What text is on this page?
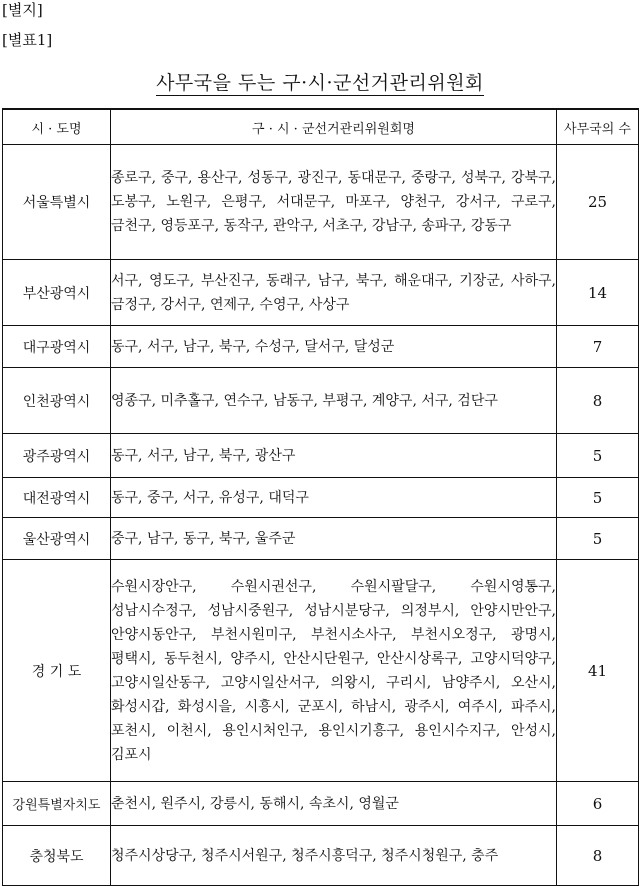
[별지]
[별표1]
사무국을 두는 구·시·군선거관리위원회
시 · 도명	구 · 시 · 군선거관리위원회명	사무국의 수
서울특별시	종로구, 중구, 용산구, 성동구, 광진구, 동대문구, 중랑구, 성북구, 강북구, 도봉구, 노원구, 은평구, 서대문구, 마포구, 양천구, 강서구, 구로구, 금천구, 영등포구, 동작구, 관악구, 서초구, 강남구, 송파구, 강동구	25
부산광역시	서구, 영도구, 부산진구, 동래구, 남구, 북구, 해운대구, 기장군, 사하구, 금정구, 강서구, 연제구, 수영구, 사상구	14
대구광역시	동구, 서구, 남구, 북구, 수성구, 달서구, 달성군	7
인천광역시	영종구, 미추홀구, 연수구, 남동구, 부평구, 계양구, 서구, 검단구	8
광주광역시	동구, 서구, 남구, 북구, 광산구	5
대전광역시	동구, 중구, 서구, 유성구, 대덕구	5
울산광역시	중구, 남구, 동구, 북구, 울주군	5
경 기 도	수원시장안구, 수원시권선구, 수원시팔달구, 수원시영통구, 성남시수정구, 성남시중원구, 성남시분당구, 의정부시, 안양시만안구, 안양시동안구, 부천시원미구, 부천시소사구, 부천시오정구, 광명시, 평택시, 동두천시, 양주시, 안산시단원구, 안산시상록구, 고양시덕양구, 고양시일산동구, 고양시일산서구, 의왕시, 구리시, 남양주시, 오산시, 화성시갑, 화성시을, 시흥시, 군포시, 하남시, 광주시, 여주시, 파주시, 포천시, 이천시, 용인시처인구, 용인시기흥구, 용인시수지구, 안성시, 김포시	41
강원특별자치도	춘천시, 원주시, 강릉시, 동해시, 속초시, 영월군	6
충청북도	청주시상당구, 청주시서원구, 청주시흥덕구, 청주시청원구, 충주	8
